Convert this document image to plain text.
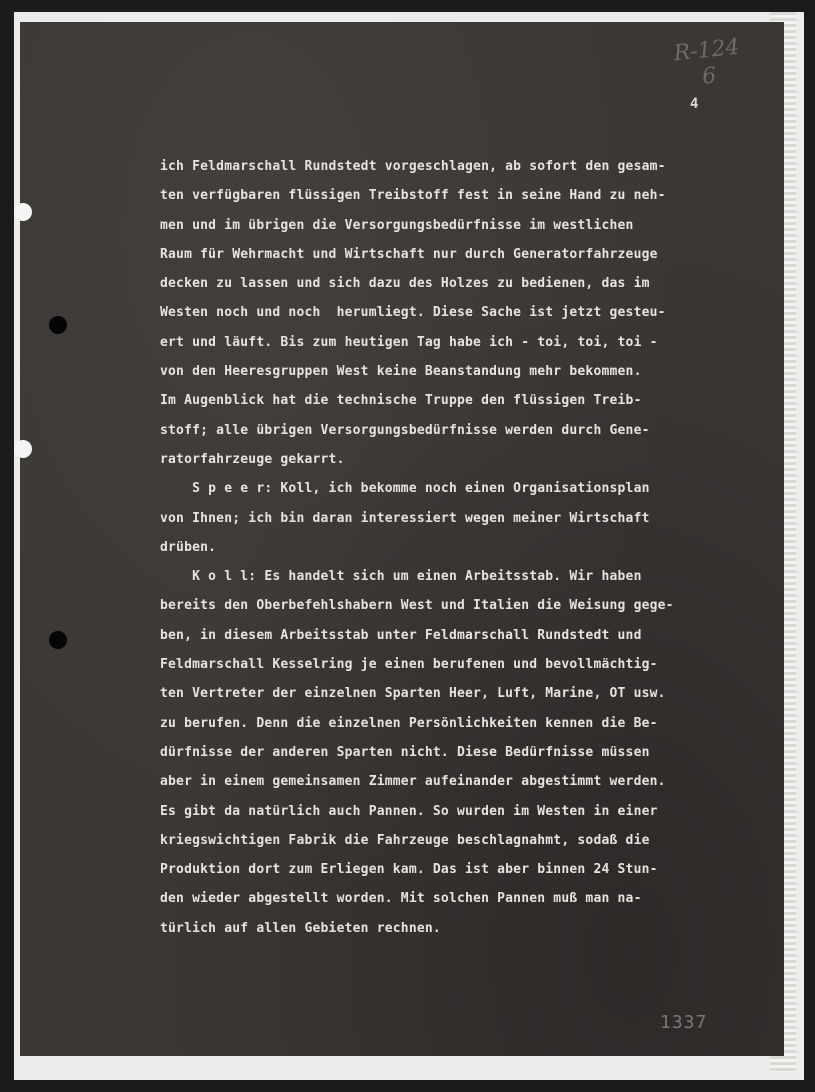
R-124
6
4
ich Feldmarschall Rundstedt vorgeschlagen, ab sofort den gesam-
ten verfügbaren flüssigen Treibstoff fest in seine Hand zu neh-
men und im übrigen die Versorgungsbedürfnisse im westlichen
Raum für Wehrmacht und Wirtschaft nur durch Generatorfahrzeuge
decken zu lassen und sich dazu des Holzes zu bedienen, das im
Westen noch und noch  herumliegt. Diese Sache ist jetzt gesteu-
ert und läuft. Bis zum heutigen Tag habe ich - toi, toi, toi -
von den Heeresgruppen West keine Beanstandung mehr bekommen.
Im Augenblick hat die technische Truppe den flüssigen Treib-
stoff; alle übrigen Versorgungsbedürfnisse werden durch Gene-
ratorfahrzeuge gekarrt.
S p e e r: Koll, ich bekomme noch einen Organisationsplan
von Ihnen; ich bin daran interessiert wegen meiner Wirtschaft
drüben.
K o l l: Es handelt sich um einen Arbeitsstab. Wir haben
bereits den Oberbefehlshabern West und Italien die Weisung gege-
ben, in diesem Arbeitsstab unter Feldmarschall Rundstedt und
Feldmarschall Kesselring je einen berufenen und bevollmächtig-
ten Vertreter der einzelnen Sparten Heer, Luft, Marine, OT usw.
zu berufen. Denn die einzelnen Persönlichkeiten kennen die Be-
dürfnisse der anderen Sparten nicht. Diese Bedürfnisse müssen
aber in einem gemeinsamen Zimmer aufeinander abgestimmt werden.
Es gibt da natürlich auch Pannen. So wurden im Westen in einer
kriegswichtigen Fabrik die Fahrzeuge beschlagnahmt, sodaß die
Produktion dort zum Erliegen kam. Das ist aber binnen 24 Stun-
den wieder abgestellt worden. Mit solchen Pannen muß man na-
türlich auf allen Gebieten rechnen.
1337
